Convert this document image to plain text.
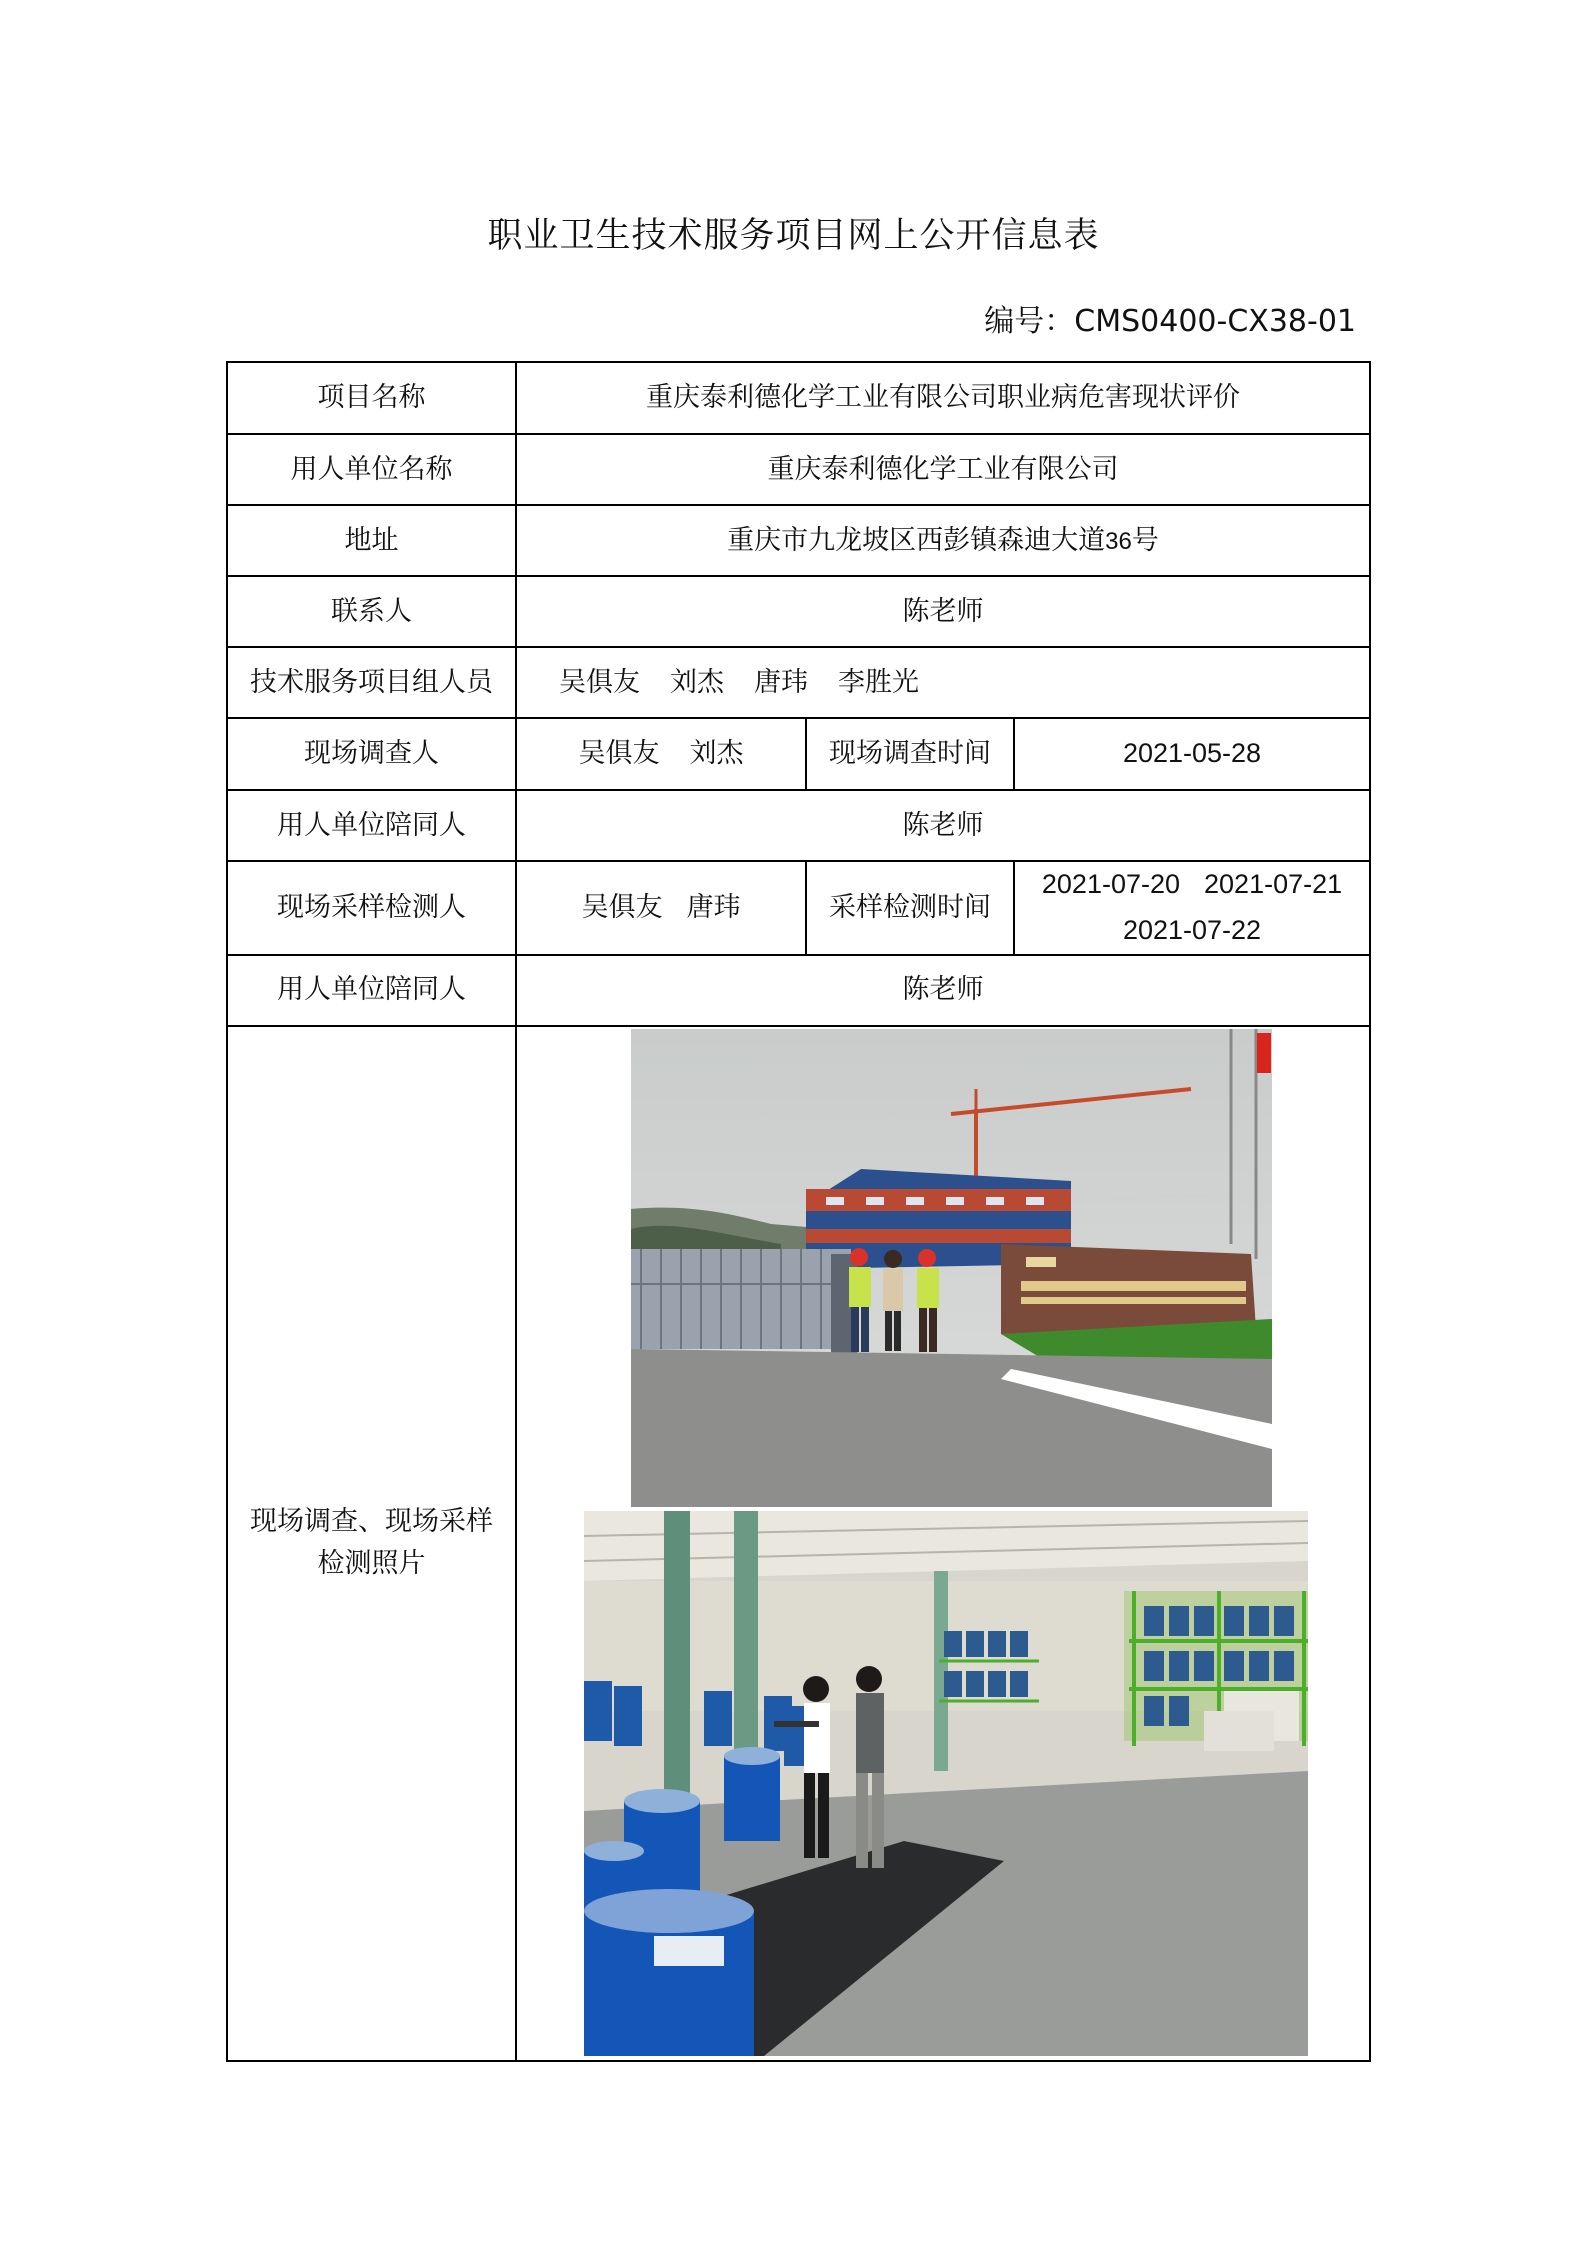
职业卫生技术服务项目网上公开信息表
编号：CMS0400-CX38-01
项目名称	重庆泰利德化学工业有限公司职业病危害现状评价		
用人单位名称	重庆泰利德化学工业有限公司		
地址	重庆市九龙坡区西彭镇森迪大道36号		
联系人	陈老师		
技术服务项目组人员	吴俱友 刘杰 唐玮 李胜光		
现场调查人	吴俱友 刘杰	现场调查时间	2021-05-28
用人单位陪同人	陈老师		
现场采样检测人	吴俱友 唐玮	采样检测时间	2021-07-20 2021-07-21
2021-07-22
用人单位陪同人	陈老师		
现场调查、现场采样
检测照片	
